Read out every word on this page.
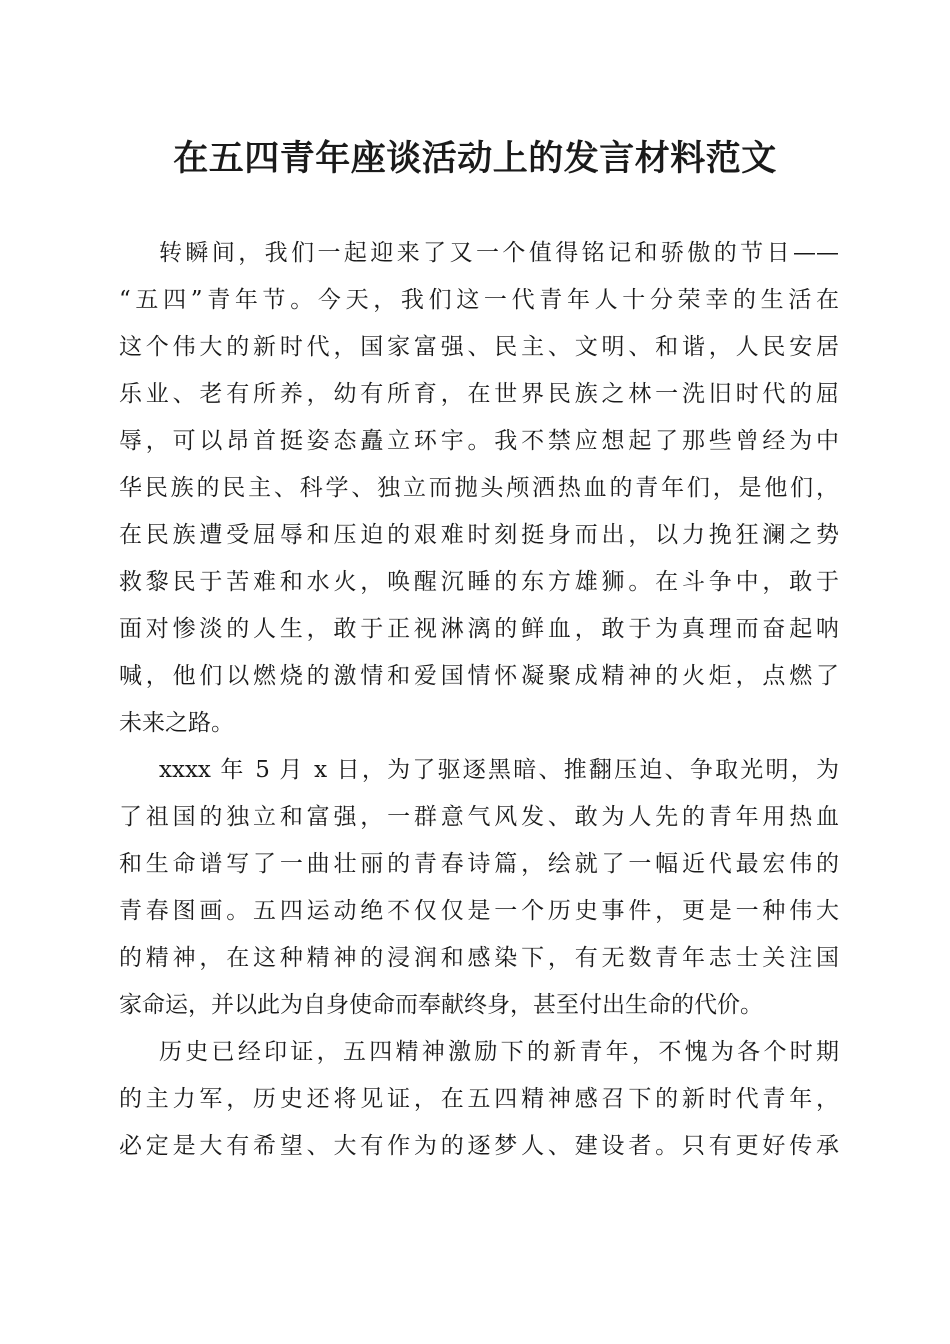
在五四青年座谈活动上的发言材料范文
转瞬间，我们一起迎来了又一个值得铭记和骄傲的节日——
“五四”青年节。今天，我们这一代青年人十分荣幸的生活在
这个伟大的新时代，国家富强、民主、文明、和谐，人民安居
乐业、老有所养，幼有所育，在世界民族之林一洗旧时代的屈
辱，可以昂首挺姿态矗立环宇。我不禁应想起了那些曾经为中
华民族的民主、科学、独立而抛头颅洒热血的青年们，是他们，
在民族遭受屈辱和压迫的艰难时刻挺身而出，以力挽狂澜之势
救黎民于苦难和水火，唤醒沉睡的东方雄狮。在斗争中，敢于
面对惨淡的人生，敢于正视淋漓的鲜血，敢于为真理而奋起呐
喊，他们以燃烧的激情和爱国情怀凝聚成精神的火炬，点燃了
未来之路。
xxxx 年 5 月 x 日，为了驱逐黑暗、推翻压迫、争取光明，为
了祖国的独立和富强，一群意气风发、敢为人先的青年用热血
和生命谱写了一曲壮丽的青春诗篇，绘就了一幅近代最宏伟的
青春图画。五四运动绝不仅仅是一个历史事件，更是一种伟大
的精神，在这种精神的浸润和感染下，有无数青年志士关注国
家命运，并以此为自身使命而奉献终身，甚至付出生命的代价。
历史已经印证，五四精神激励下的新青年，不愧为各个时期
的主力军，历史还将见证，在五四精神感召下的新时代青年，
必定是大有希望、大有作为的逐梦人、建设者。只有更好传承
